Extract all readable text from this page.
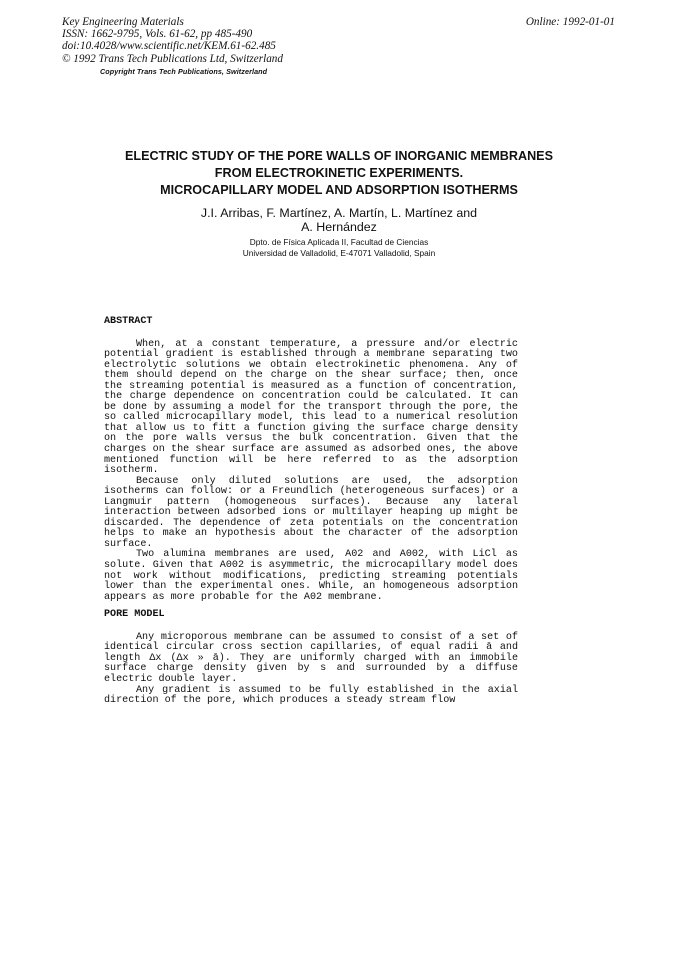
Key Engineering Materials
ISSN: 1662-9795, Vols. 61-62, pp 485-490
doi:10.4028/www.scientific.net/KEM.61-62.485
© 1992 Trans Tech Publications Ltd, Switzerland
Copyright Trans Tech Publications, Switzerland
Online: 1992-01-01
ELECTRIC STUDY OF THE PORE WALLS OF INORGANIC MEMBRANES
FROM ELECTROKINETIC EXPERIMENTS.
MICROCAPILLARY MODEL AND ADSORPTION ISOTHERMS
J.I. Arribas, F. Martínez, A. Martín, L. Martínez and
A. Hernández
Dpto. de Física Aplicada II, Facultad de Ciencias
Universidad de Valladolid, E-47071 Valladolid, Spain
ABSTRACT

When, at a constant temperature, a pressure and/or electric potential gradient is established through a membrane separating two electrolytic solutions we obtain electrokinetic phenomena. Any of them should depend on the charge on the shear surface; then, once the streaming potential is measured as a function of concentration, the charge dependence on concentration could be calculated. It can be done by assuming a model for the transport through the pore, the so called microcapillary model, this lead to a numerical resolution that allow us to fitt a function giving the surface charge density on the pore walls versus the bulk concentration. Given that the charges on the shear surface are assumed as adsorbed ones, the above mentioned function will be here referred to as the adsorption isotherm.

Because only diluted solutions are used, the adsorption isotherms can follow: or a Freundlich (heterogeneous surfaces) or a Langmuir pattern (homogeneous surfaces). Because any lateral interaction between adsorbed ions or multilayer heaping up might be discarded. The dependence of zeta potentials on the concentration helps to make an hypothesis about the character of the adsorption surface.

Two alumina membranes are used, A02 and A002, with LiCl as solute. Given that A002 is asymmetric, the microcapillary model does not work without modifications, predicting streaming potentials lower than the experimental ones. While, an homogeneous adsorption appears as more probable for the A02 membrane.

PORE MODEL

Any microporous membrane can be assumed to consist of a set of identical circular cross section capillaries, of equal radii ā and length Δx (Δx » ā). They are uniformly charged with an immobile surface charge density given by s and surrounded by a diffuse electric double layer.

Any gradient is assumed to be fully established in the axial direction of the pore, which produces a steady stream flow
